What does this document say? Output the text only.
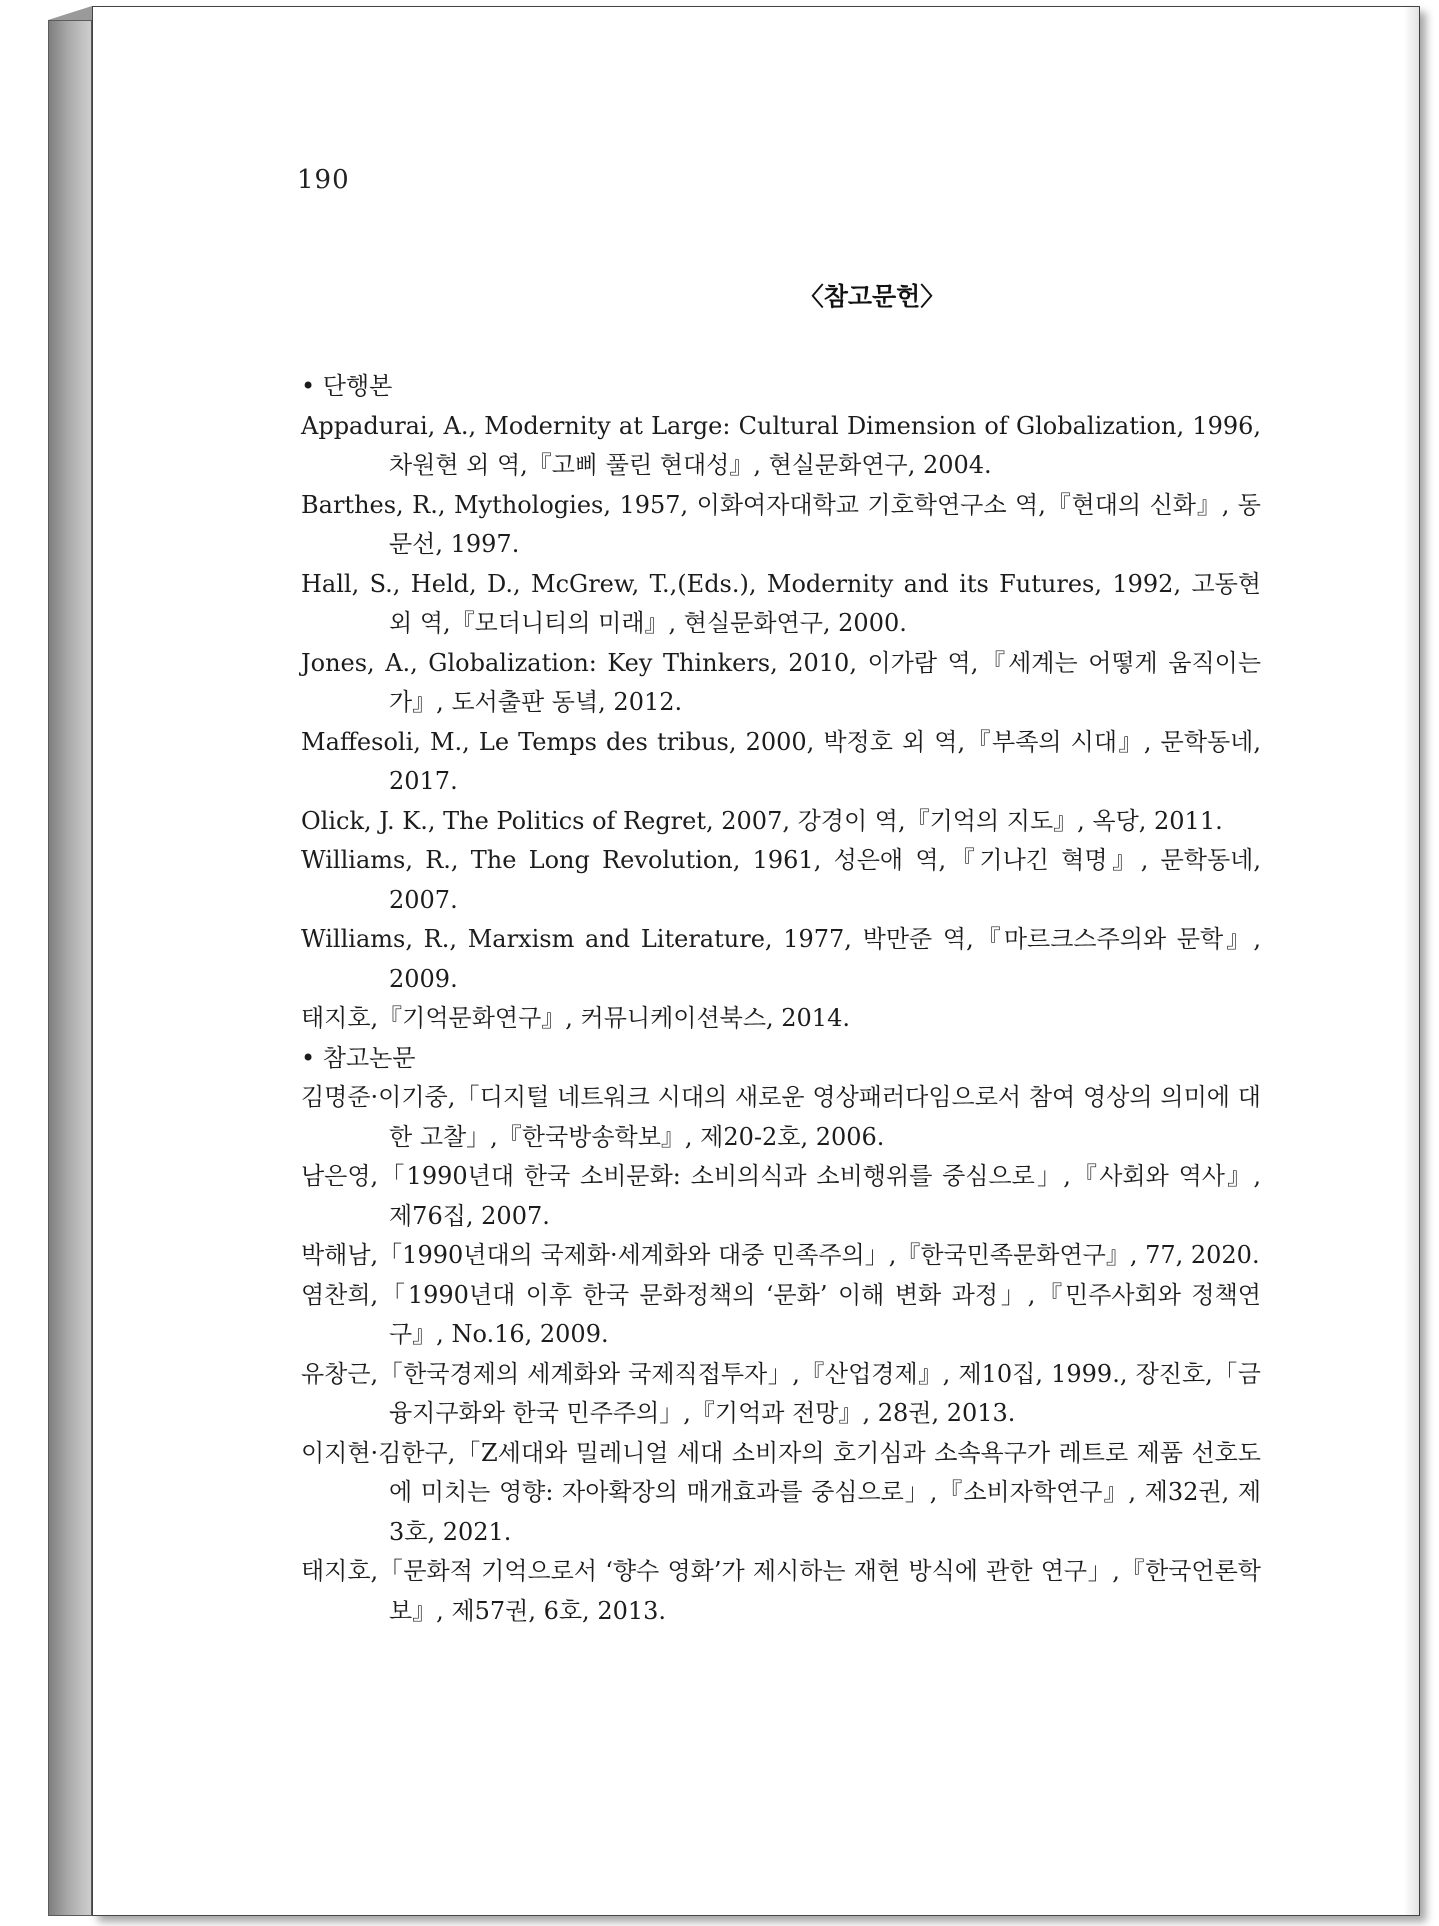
190
〈참고문헌〉

• 단행본

Appadurai, A., Modernity at Large: Cultural Dimension of Globalization, 1996, 차원현 외 역,『고삐 풀린 현대성』, 현실문화연구, 2004.

Barthes, R., Mythologies, 1957, 이화여자대학교 기호학연구소 역,『현대의 신화』, 동문선, 1997.

Hall, S., Held, D., McGrew, T.,(Eds.), Modernity and its Futures, 1992, 고동현 외 역,『모더니티의 미래』, 현실문화연구, 2000.

Jones, A., Globalization: Key Thinkers, 2010, 이가람 역,『세계는 어떻게 움직이는가』, 도서출판 동녘, 2012.

Maffesoli, M., Le Temps des tribus, 2000, 박정호 외 역,『부족의 시대』, 문학동네, 2017.

Olick, J. K., The Politics of Regret, 2007, 강경이 역,『기억의 지도』, 옥당, 2011.

Williams, R., The Long Revolution, 1961, 성은애 역,『기나긴 혁명』, 문학동네, 2007.

Williams, R., Marxism and Literature, 1977, 박만준 역,『마르크스주의와 문학』, 2009.

태지호,『기억문화연구』, 커뮤니케이션북스, 2014.

• 참고논문

김명준·이기중,「디지털 네트워크 시대의 새로운 영상패러다임으로서 참여 영상의 의미에 대한 고찰」,『한국방송학보』, 제20-2호, 2006.

남은영,「1990년대 한국 소비문화: 소비의식과 소비행위를 중심으로」,『사회와 역사』, 제76집, 2007.

박해남,「1990년대의 국제화·세계화와 대중 민족주의」,『한국민족문화연구』, 77, 2020.

염찬희,「1990년대 이후 한국 문화정책의 ‘문화’ 이해 변화 과정」,『민주사회와 정책연구』, No.16, 2009.

유창근,「한국경제의 세계화와 국제직접투자」,『산업경제』, 제10집, 1999., 장진호,「금융지구화와 한국 민주주의」,『기억과 전망』, 28권, 2013.

이지현·김한구,「Z세대와 밀레니얼 세대 소비자의 호기심과 소속욕구가 레트로 제품 선호도에 미치는 영향: 자아확장의 매개효과를 중심으로」,『소비자학연구』, 제32권, 제3호, 2021.

태지호,「문화적 기억으로서 ‘향수 영화’가 제시하는 재현 방식에 관한 연구」,『한국언론학보』, 제57권, 6호, 2013.
